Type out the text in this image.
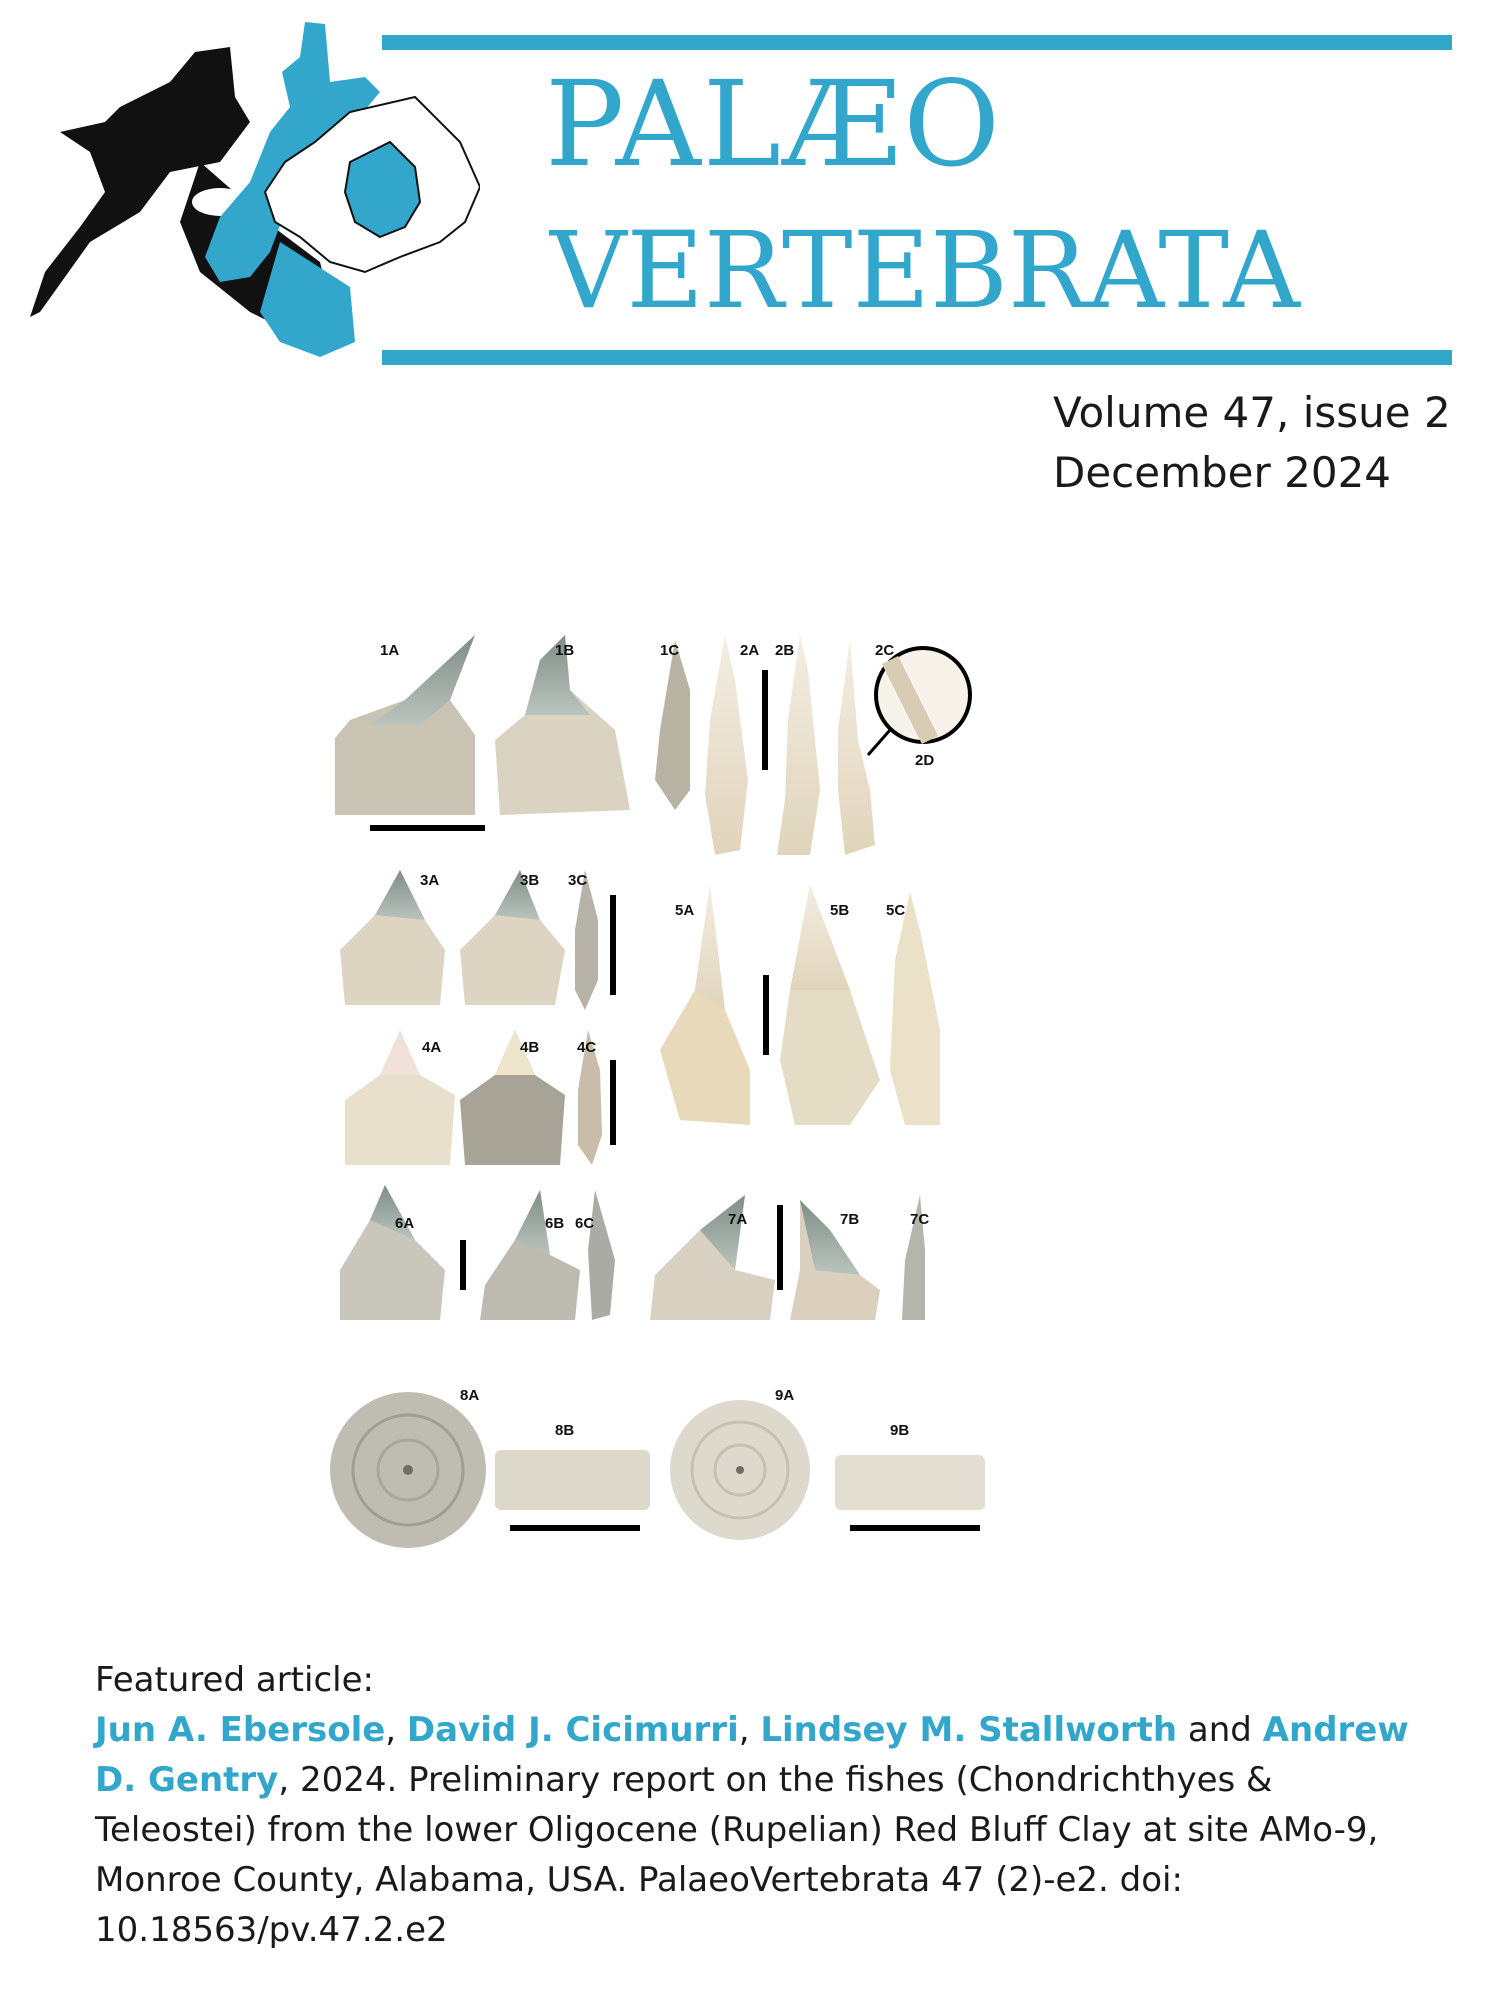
PALÆO
VERTEBRATA
Volume 47, issue 2
December 2024
1A	1B	1C	2A 2B	2C
2D
3A	3B 3C
4A	4B	4C
5A	5B 5C
6A	6B 6C	7A	7B	7C
8A
8B
9A
9B
Featured article:
Jun A. Ebersole, David J. Cicimurri, Lindsey M. Stallworth and Andrew D. Gentry, 2024. Preliminary report on the fishes (Chondrichthyes & Teleostei) from the lower Oligocene (Rupelian) Red Bluff Clay at site AMo-9, Monroe County, Alabama, USA. PalaeoVertebrata 47 (2)-e2. doi: 10.18563/pv.47.2.e2
